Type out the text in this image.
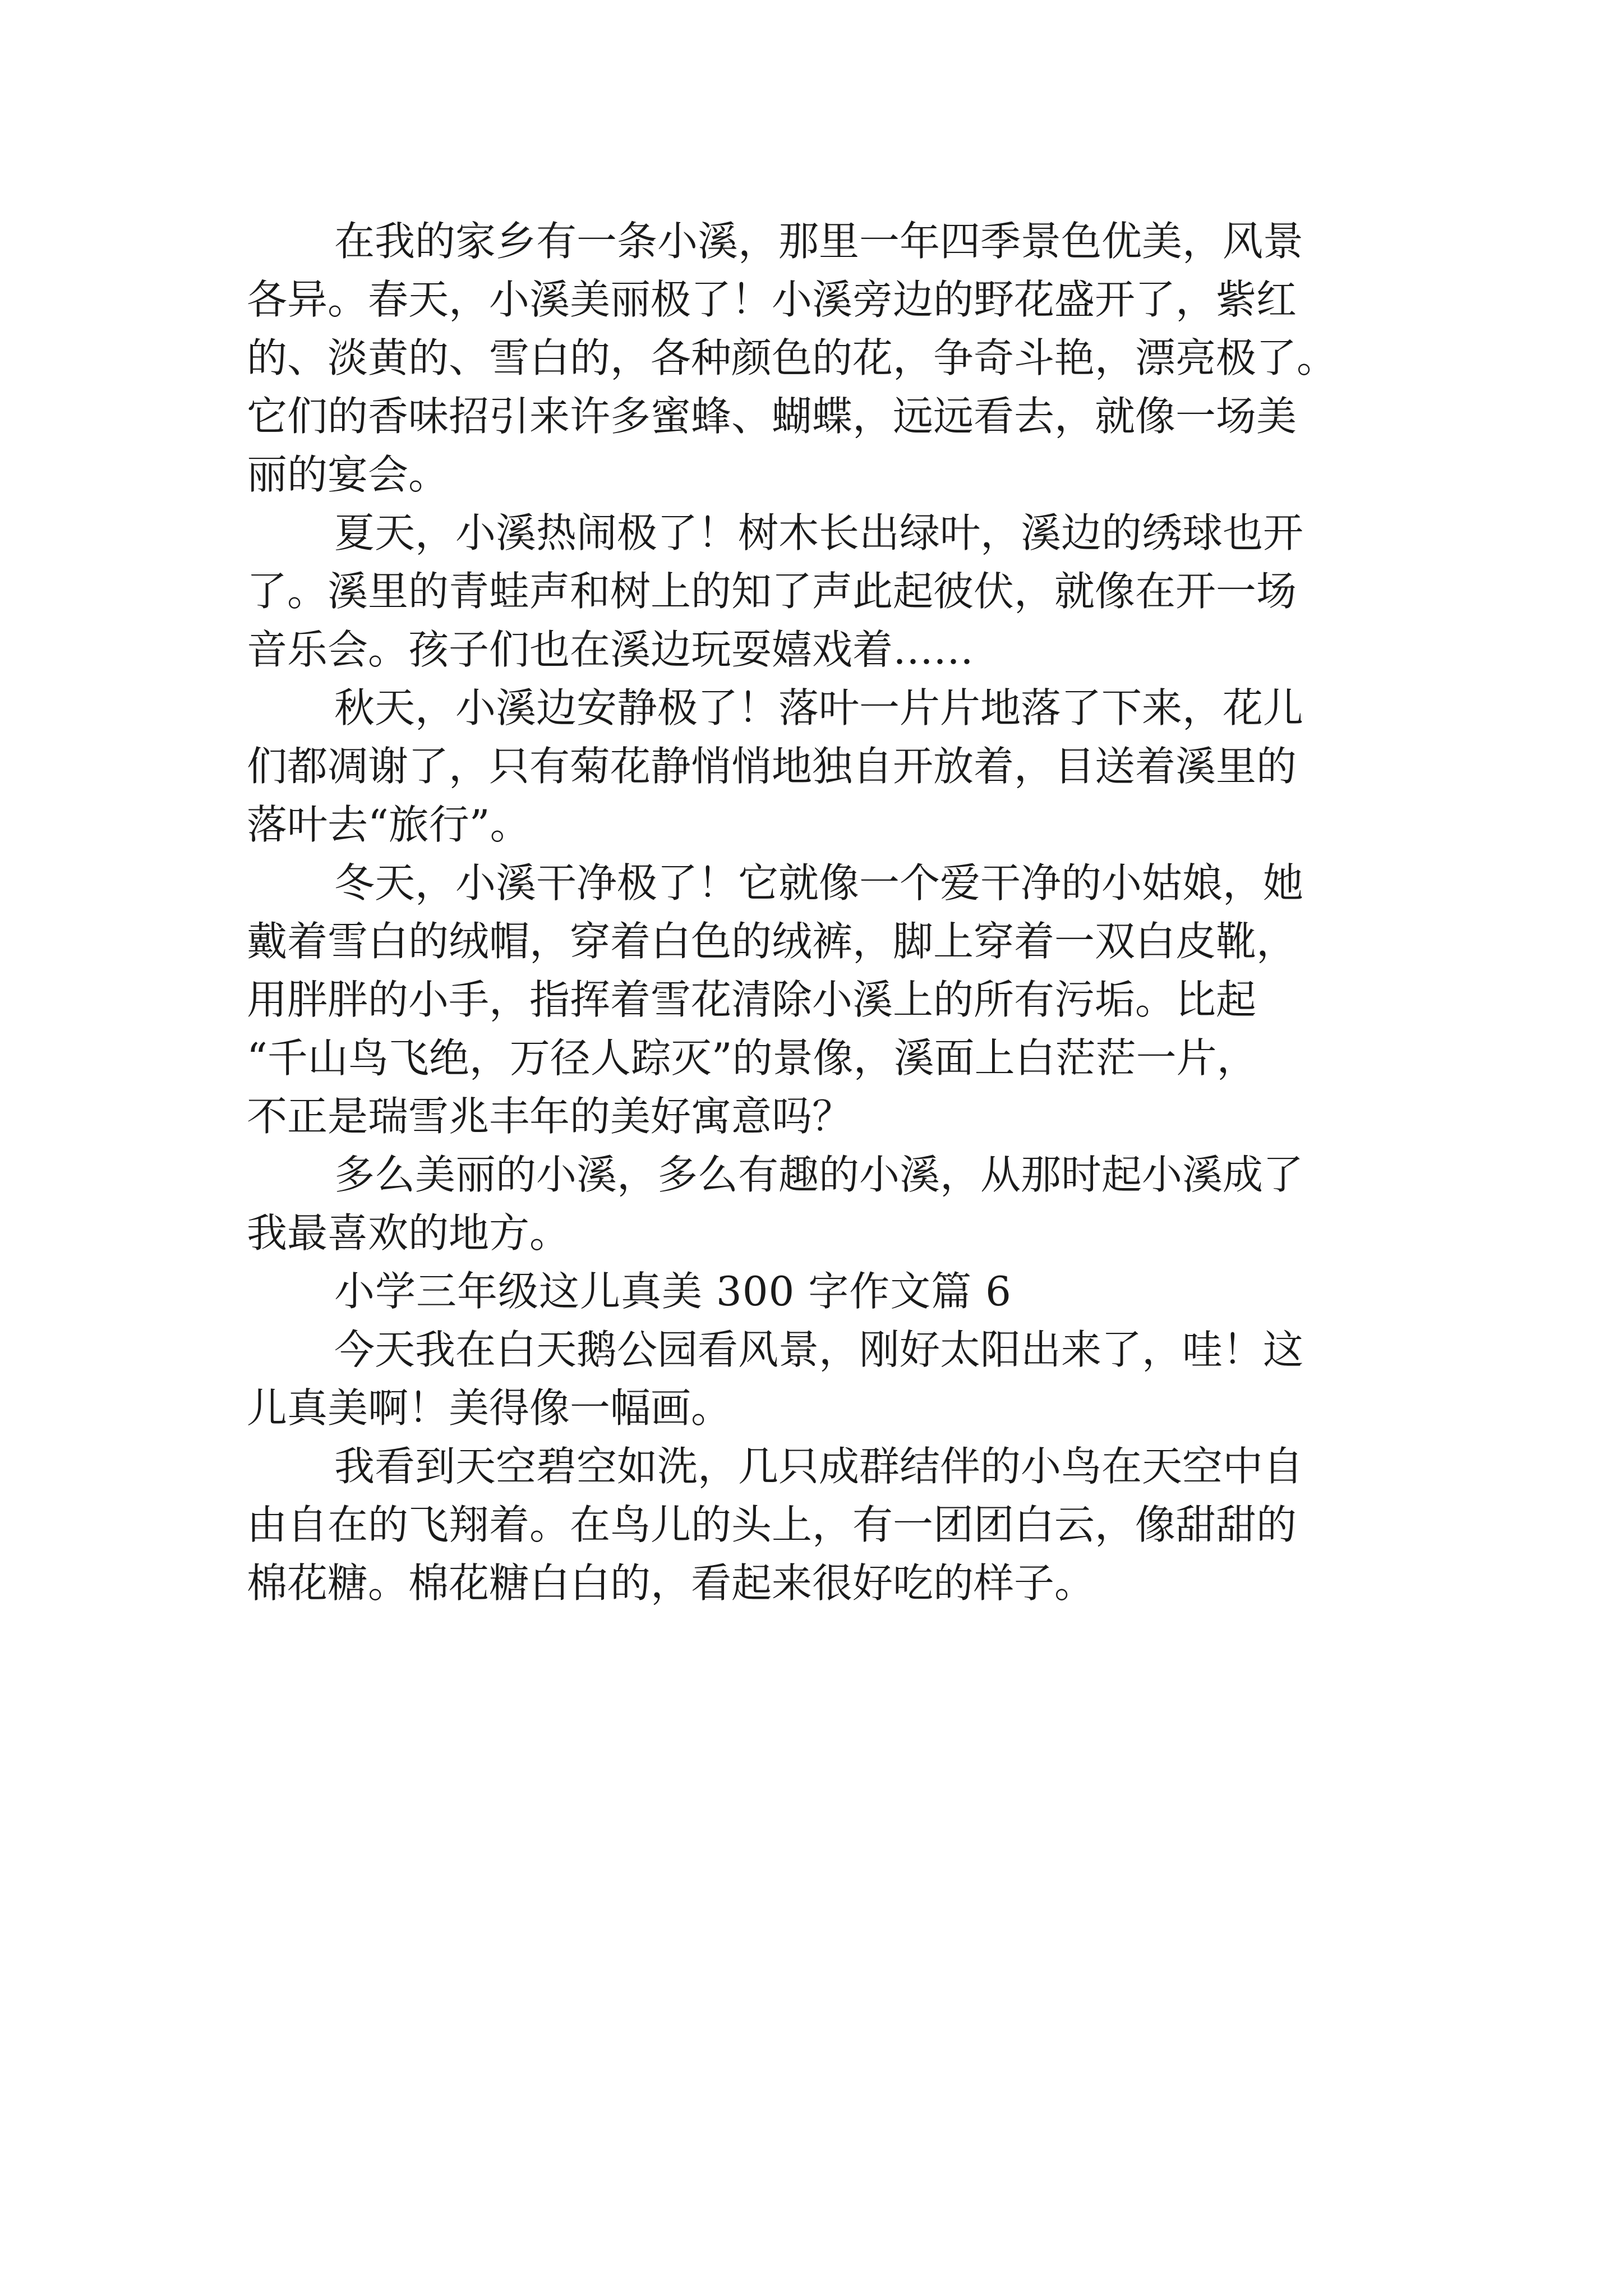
在我的家乡有一条小溪，那里一年四季景色优美，风景
各异。春天，小溪美丽极了！小溪旁边的野花盛开了，紫红
的、淡黄的、雪白的，各种颜色的花，争奇斗艳，漂亮极了。
它们的香味招引来许多蜜蜂、蝴蝶，远远看去，就像一场美
丽的宴会。
夏天，小溪热闹极了！树木长出绿叶，溪边的绣球也开
了。溪里的青蛙声和树上的知了声此起彼伏，就像在开一场
音乐会。孩子们也在溪边玩耍嬉戏着……
秋天，小溪边安静极了！落叶一片片地落了下来，花儿
们都凋谢了，只有菊花静悄悄地独自开放着，目送着溪里的
落叶去“旅行”。
冬天，小溪干净极了！它就像一个爱干净的小姑娘，她
戴着雪白的绒帽，穿着白色的绒裤，脚上穿着一双白皮靴，
用胖胖的小手，指挥着雪花清除小溪上的所有污垢。比起
“千山鸟飞绝，万径人踪灭”的景像，溪面上白茫茫一片，
不正是瑞雪兆丰年的美好寓意吗？
多么美丽的小溪，多么有趣的小溪，从那时起小溪成了
我最喜欢的地方。
小学三年级这儿真美 300 字作文篇 6
今天我在白天鹅公园看风景，刚好太阳出来了，哇！这
儿真美啊！美得像一幅画。
我看到天空碧空如洗，几只成群结伴的小鸟在天空中自
由自在的飞翔着。在鸟儿的头上，有一团团白云，像甜甜的
棉花糖。棉花糖白白的，看起来很好吃的样子。
